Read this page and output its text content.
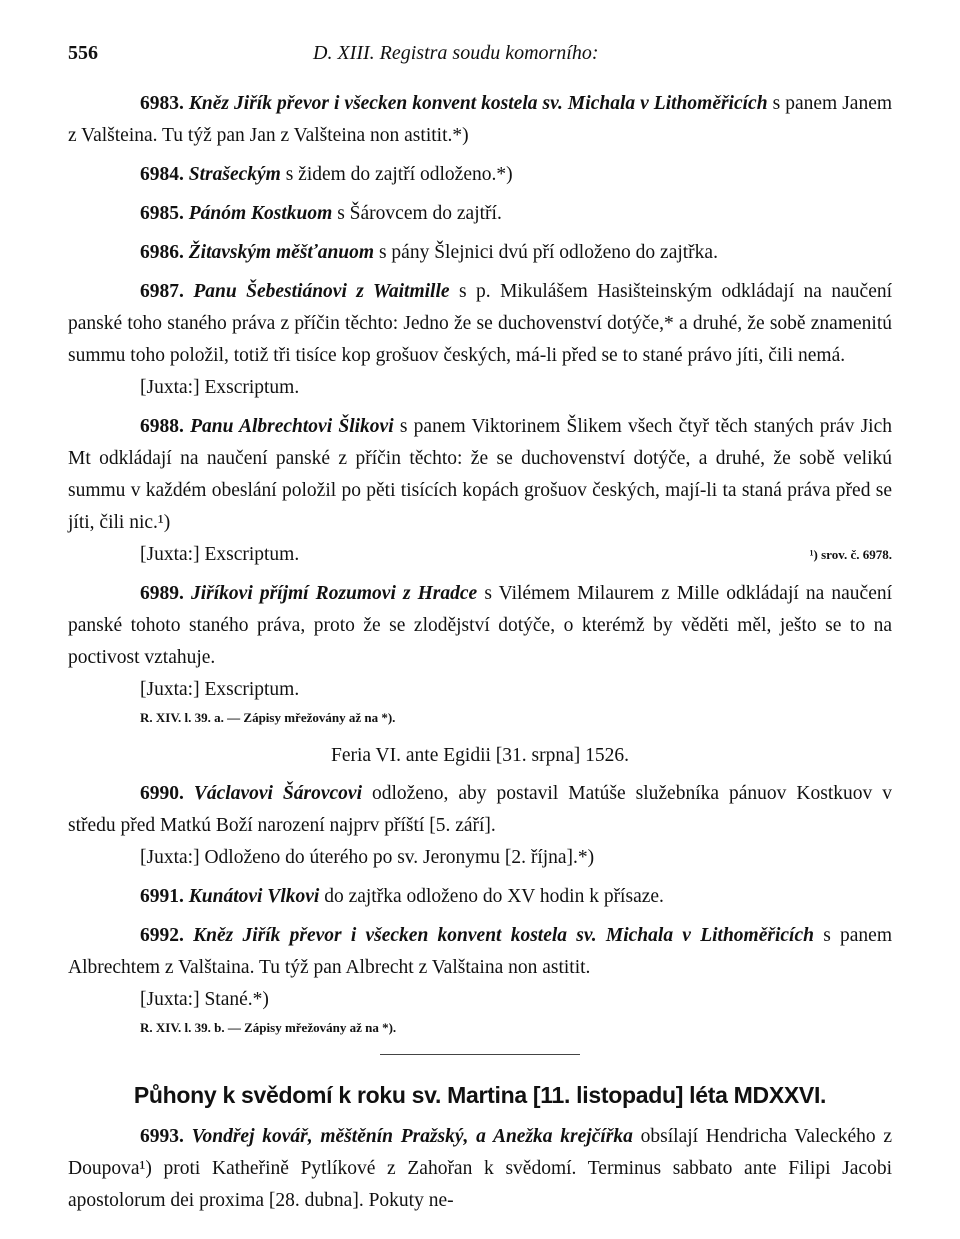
556	D. XIII. Registra soudu komorního:

6983. Kněz Jiřík převor i všecken konvent kostela sv. Michala v Lithoměřicích s panem Janem z Valšteina. Tu týž pan Jan z Valšteina non astitit.*)

6984. Strašeckým s židem do zajtří odloženo.*)

6985. Pánóm Kostkuom s Šárovcem do zajtří.

6986. Žitavským měšťanuom s pány Šlejnici dvú pří odloženo do zajtřka.

6987. Panu Šebestiánovi z Waitmille s p. Mikulášem Hasišteinským odkládají na naučení panské toho staného práva z příčin těchto: Jedno že se duchovenství dotýče,* a druhé, že sobě znamenitú summu toho položil, totiž tři tisíce kop grošuov českých, má-li před se to stané právo jíti, čili nemá.

[Juxta:] Exscriptum.

6988. Panu Albrechtovi Šlikovi s panem Viktorinem Šlikem všech čtyř těch staných práv Jich Mt odkládají na naučení panské z příčin těchto: že se duchovenství dotýče, a druhé, že sobě velikú summu v každém obeslání položil po pěti tisících kopách grošuov českých, mají-li ta staná práva před se jíti, čili nic.¹)

[Juxta:] Exscriptum.	¹) srov. č. 6978.

6989. Jiříkovi příjmí Rozumovi z Hradce s Vilémem Milaurem z Mille odkládají na naučení panské tohoto staného práva, proto že se zlodějství dotýče, o kterémž by věděti měl, ješto se to na poctivost vztahuje.

[Juxta:] Exscriptum.

R. XIV. l. 39. a. — Zápisy mřežovány až na *).

Feria VI. ante Egidii [31. srpna] 1526.

6990. Václavovi Šárovcovi odloženo, aby postavil Matúše služebníka pánuov Kostkuov v středu před Matkú Boží narození najprv příští [5. září].

[Juxta:] Odloženo do úterého po sv. Jeronymu [2. října].*)

6991. Kunátovi Vlkovi do zajtřka odloženo do XV hodin k přísaze.

6992. Kněz Jiřík převor i všecken konvent kostela sv. Michala v Lithoměřicích s panem Albrechtem z Valštaina. Tu týž pan Albrecht z Valštaina non astitit.

[Juxta:] Stané.*)

R. XIV. l. 39. b. — Zápisy mřežovány až na *).

Půhony k svědomí k roku sv. Martina [11. listopadu] léta MDXXVI.

6993. Vondřej kovář, měštěnín Pražský, a Anežka krejčířka obsílají Hendricha Valeckého z Doupova¹) proti Katheřině Pytlíkové z Zahořan k svědomí. Terminus sabbato ante Filipi Jacobi apostolorum dei proxima [28. dubna]. Pokuty ne-
